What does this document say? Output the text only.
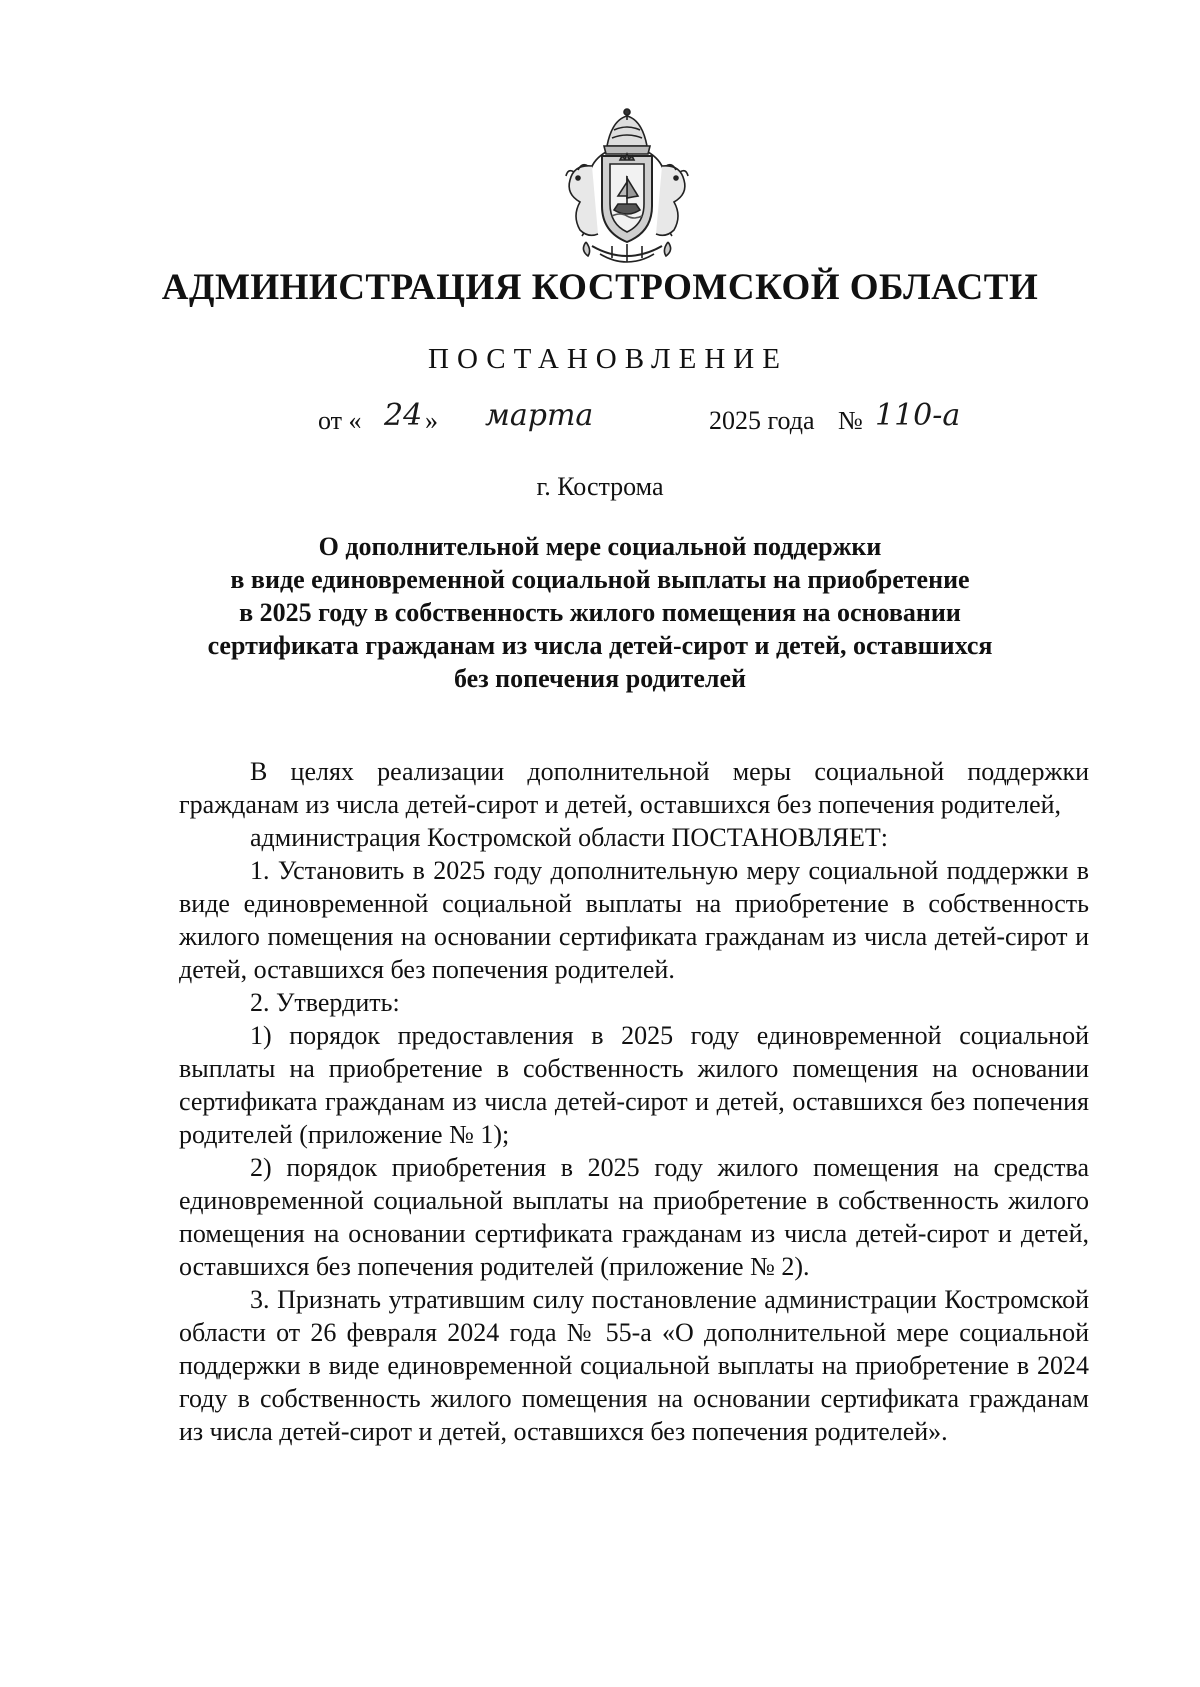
АДМИНИСТРАЦИЯ КОСТРОМСКОЙ ОБЛАСТИ
ПОСТАНОВЛЕНИЕ
от « 24 » марта	2025 года № 110-а
г. Кострома
О дополнительной мере социальной поддержки
в виде единовременной социальной выплаты на приобретение
в 2025 году в собственность жилого помещения на основании
сертификата гражданам из числа детей-сирот и детей, оставшихся
без попечения родителей

В целях реализации дополнительной меры социальной поддержки гражданам из числа детей-сирот и детей, оставшихся без попечения родителей,

администрация Костромской области ПОСТАНОВЛЯЕТ:

1. Установить в 2025 году дополнительную меру социальной поддержки в виде единовременной социальной выплаты на приобретение в собственность жилого помещения на основании сертификата гражданам из числа детей-сирот и детей, оставшихся без попечения родителей.

2. Утвердить:

1) порядок предоставления в 2025 году единовременной социальной выплаты на приобретение в собственность жилого помещения на основании сертификата гражданам из числа детей-сирот и детей, оставшихся без попечения родителей (приложение № 1);

2) порядок приобретения в 2025 году жилого помещения на средства единовременной социальной выплаты на приобретение в собственность жилого помещения на основании сертификата гражданам из числа детей-сирот и детей, оставшихся без попечения родителей (приложение № 2).

3. Признать утратившим силу постановление администрации Костромской области от 26 февраля 2024 года № 55-а «О дополнительной мере социальной поддержки в виде единовременной социальной выплаты на приобретение в 2024 году в собственность жилого помещения на основании сертификата гражданам из числа детей-сирот и детей, оставшихся без попечения родителей».
